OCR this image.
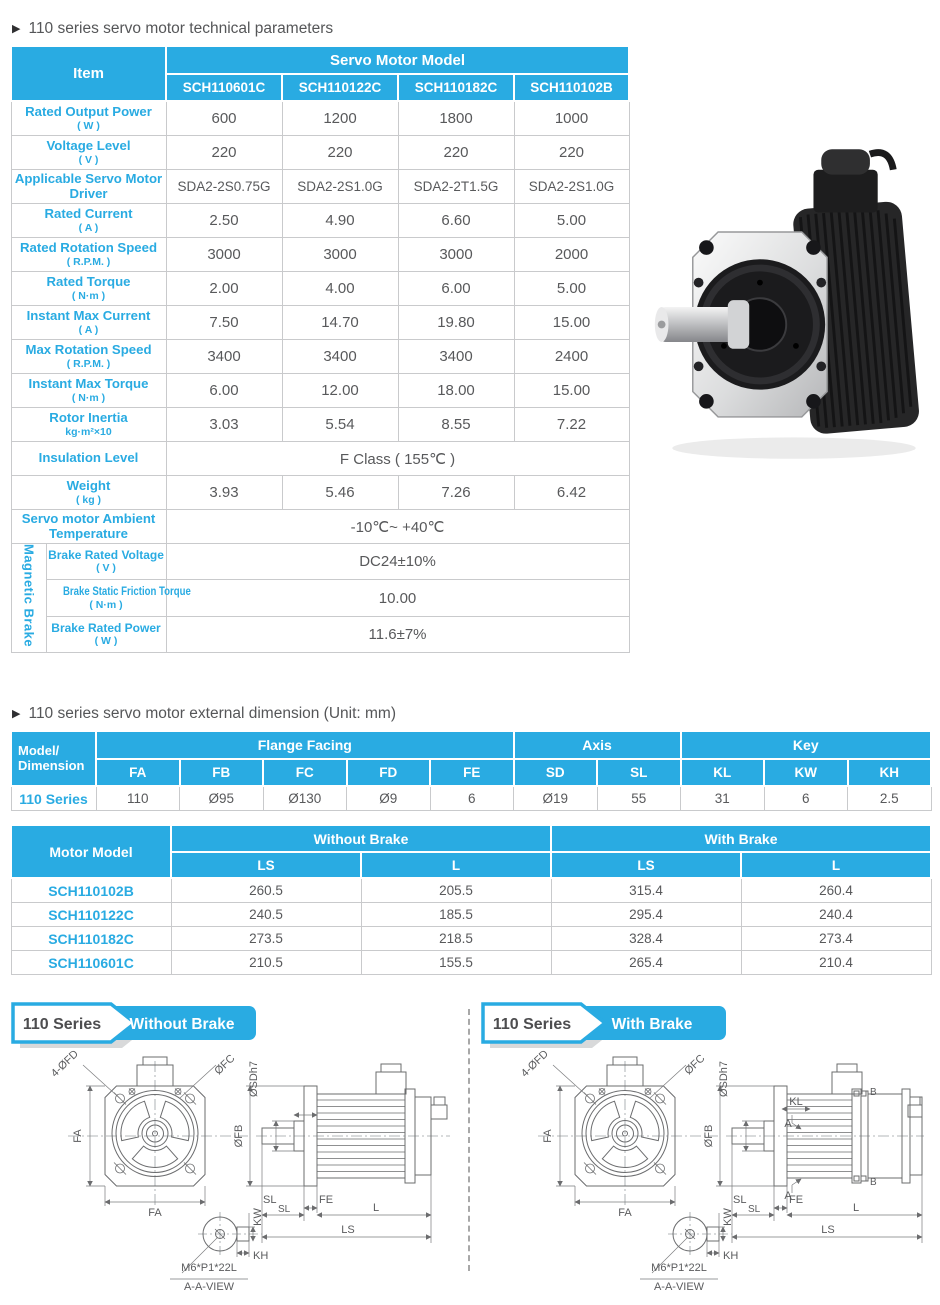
▶ 110 series servo motor technical parameters
Item		Servo Motor Model			
		SCH110601C	SCH110122C	SCH110182C	SCH110102B

Rated Output Power
( W )		600	1200	1800	1000

Voltage Level
( V )		220	220	220	220

Applicable Servo Motor Driver		SDA2-2S0.75G	SDA2-2S1.0G	SDA2-2T1.5G	SDA2-2S1.0G

Rated Current
( A )		2.50	4.90	6.60	5.00

Rated Rotation Speed
( R.P.M. )		3000	3000	3000	2000

Rated Torque
( N·m )		2.00	4.00	6.00	5.00

Instant Max Current
( A )		7.50	14.70	19.80	15.00

Max Rotation Speed
( R.P.M. )		3400	3400	3400	2400

Instant Max Torque
( N·m )		6.00	12.00	18.00	15.00

Rotor Inertia
kg·m²×10		3.03	5.54	8.55	7.22

Insulation Level		F Class ( 155℃ )			

Weight
( kg )		3.93	5.46	7.26	6.42

Servo motor Ambient Temperature		-10℃~ +40℃			
Magnetic Brake	Brake Rated Voltage
( V )	DC24±10%			

	Brake Static Friction Torque
( N·m )	10.00			

	Brake Rated Power
( W )	11.6±7%			
▶ 110 series servo motor external dimension (Unit: mm)
Model/
Dimension	Flange Facing					Axis		Key		
	FA	FB	FC	FD	FE	SD	SL	KL	KW	KH
110 Series	110	Ø95	Ø130	Ø9	6	Ø19	55	31	6	2.5
Motor Model	Without Brake		With Brake	
	LS	L	LS	L
SCH110102B	260.5	205.5	315.4	260.4
SCH110122C	240.5	185.5	295.4	240.4
SCH110182C	273.5	218.5	328.4	273.4
SCH110601C	210.5	155.5	265.4	210.4
110 Series Without Brake
FA
FA
4-ØFD	ØFC ØSDh7
ØFB
SL
SL
FE
L
LS
KW
KH
M6*P1*22L
A-A-VIEW
110 Series	With Brake
FA
FA
4-ØFD	ØFC ØSDh7
ØFB
KL
A
A
B
B
SL
SL
FE
L
LS
KW
KH
M6*P1*22L
A-A-VIEW
